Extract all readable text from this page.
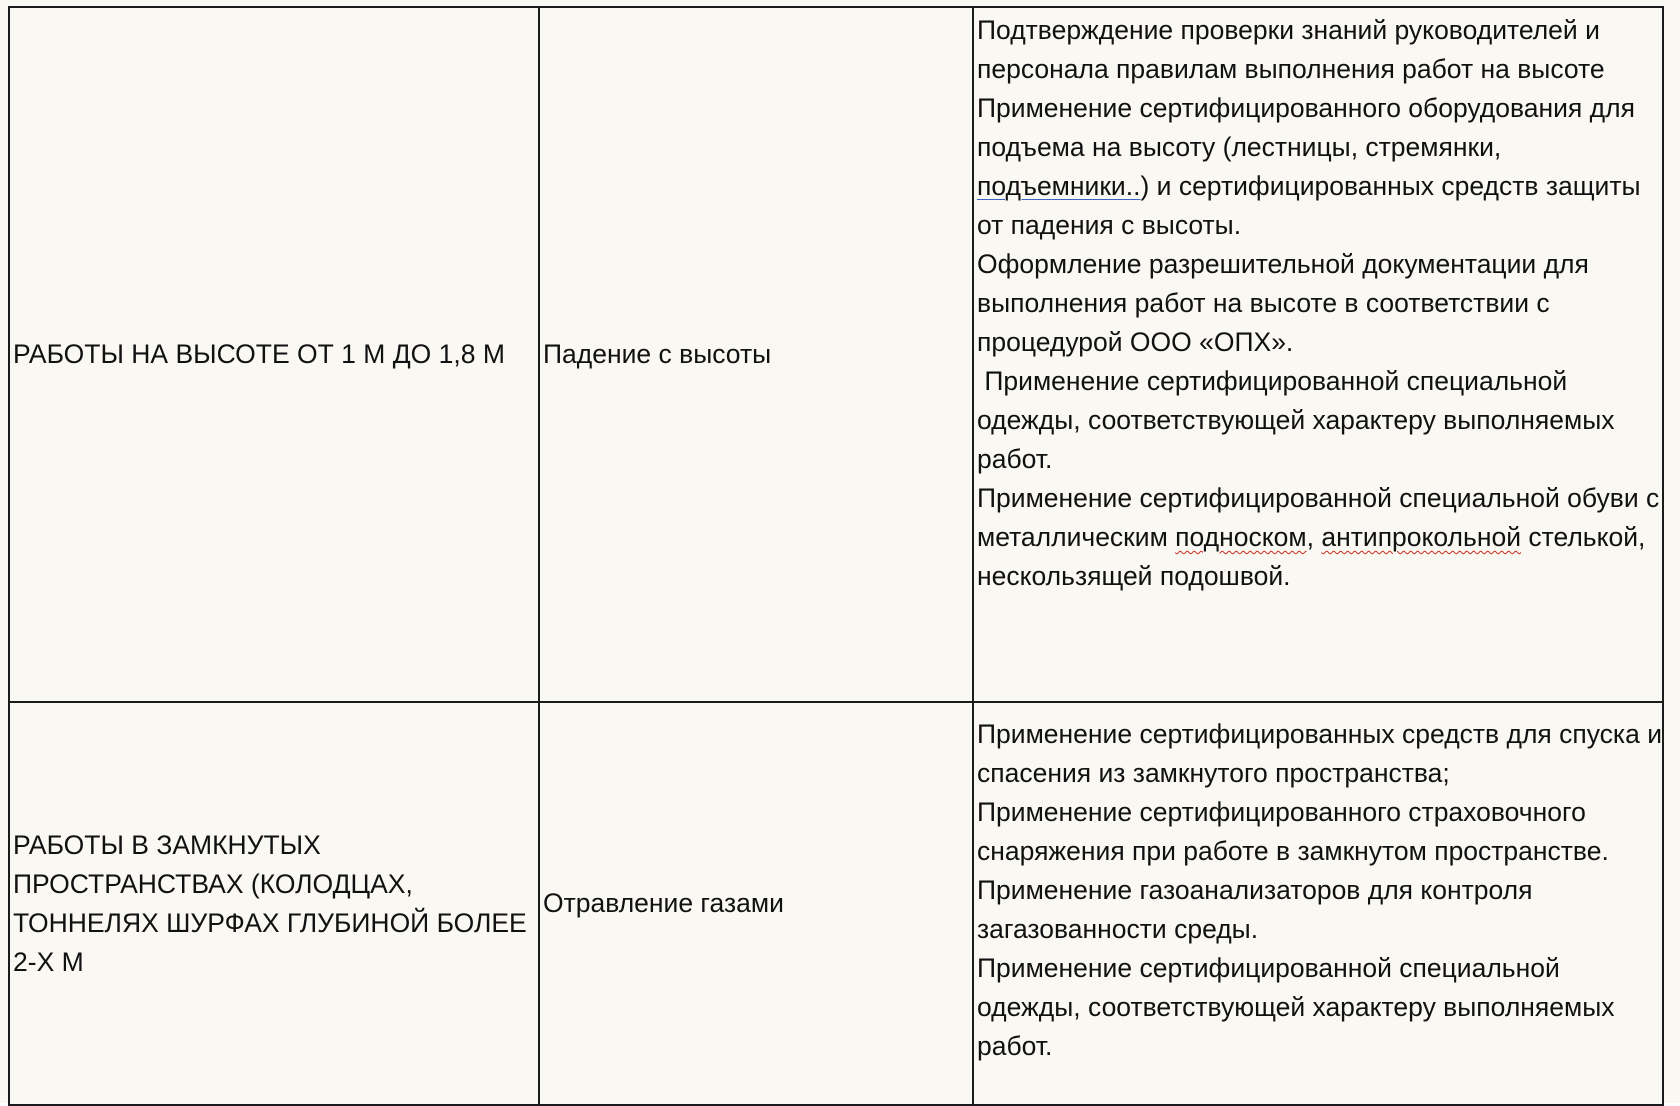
РАБОТЫ НА ВЫСОТЕ ОТ 1 М ДО 1,8 М	Падение с высоты	Подтверждение проверки знаний руководителей и персонала правилам выполнения работ на высоте
Применение сертифицированного оборудования для подъема на высоту (лестницы, стремянки, подъемники..) и сертифицированных средств защиты от падения с высоты.
Оформление разрешительной документации для выполнения работ на высоте в соответствии с процедурой ООО «ОПХ».
Применение сертифицированной специальной одежды, соответствующей характеру выполняемых работ.
Применение сертифицированной специальной обуви с металлическим подноском, антипрокольной стелькой, нескользящей подошвой.

РАБОТЫ В ЗАМКНУТЫХ ПРОСТРАНСТВАХ (КОЛОДЦАХ, ТОННЕЛЯХ ШУРФАХ ГЛУБИНОЙ БОЛЕЕ 2-Х М	Отравление газами	Применение сертифицированных средств для спуска и спасения из замкнутого пространства;
Применение сертифицированного страховочного снаряжения при работе в замкнутом пространстве.
Применение газоанализаторов для контроля загазованности среды.
Применение сертифицированной специальной одежды, соответствующей характеру выполняемых работ.
